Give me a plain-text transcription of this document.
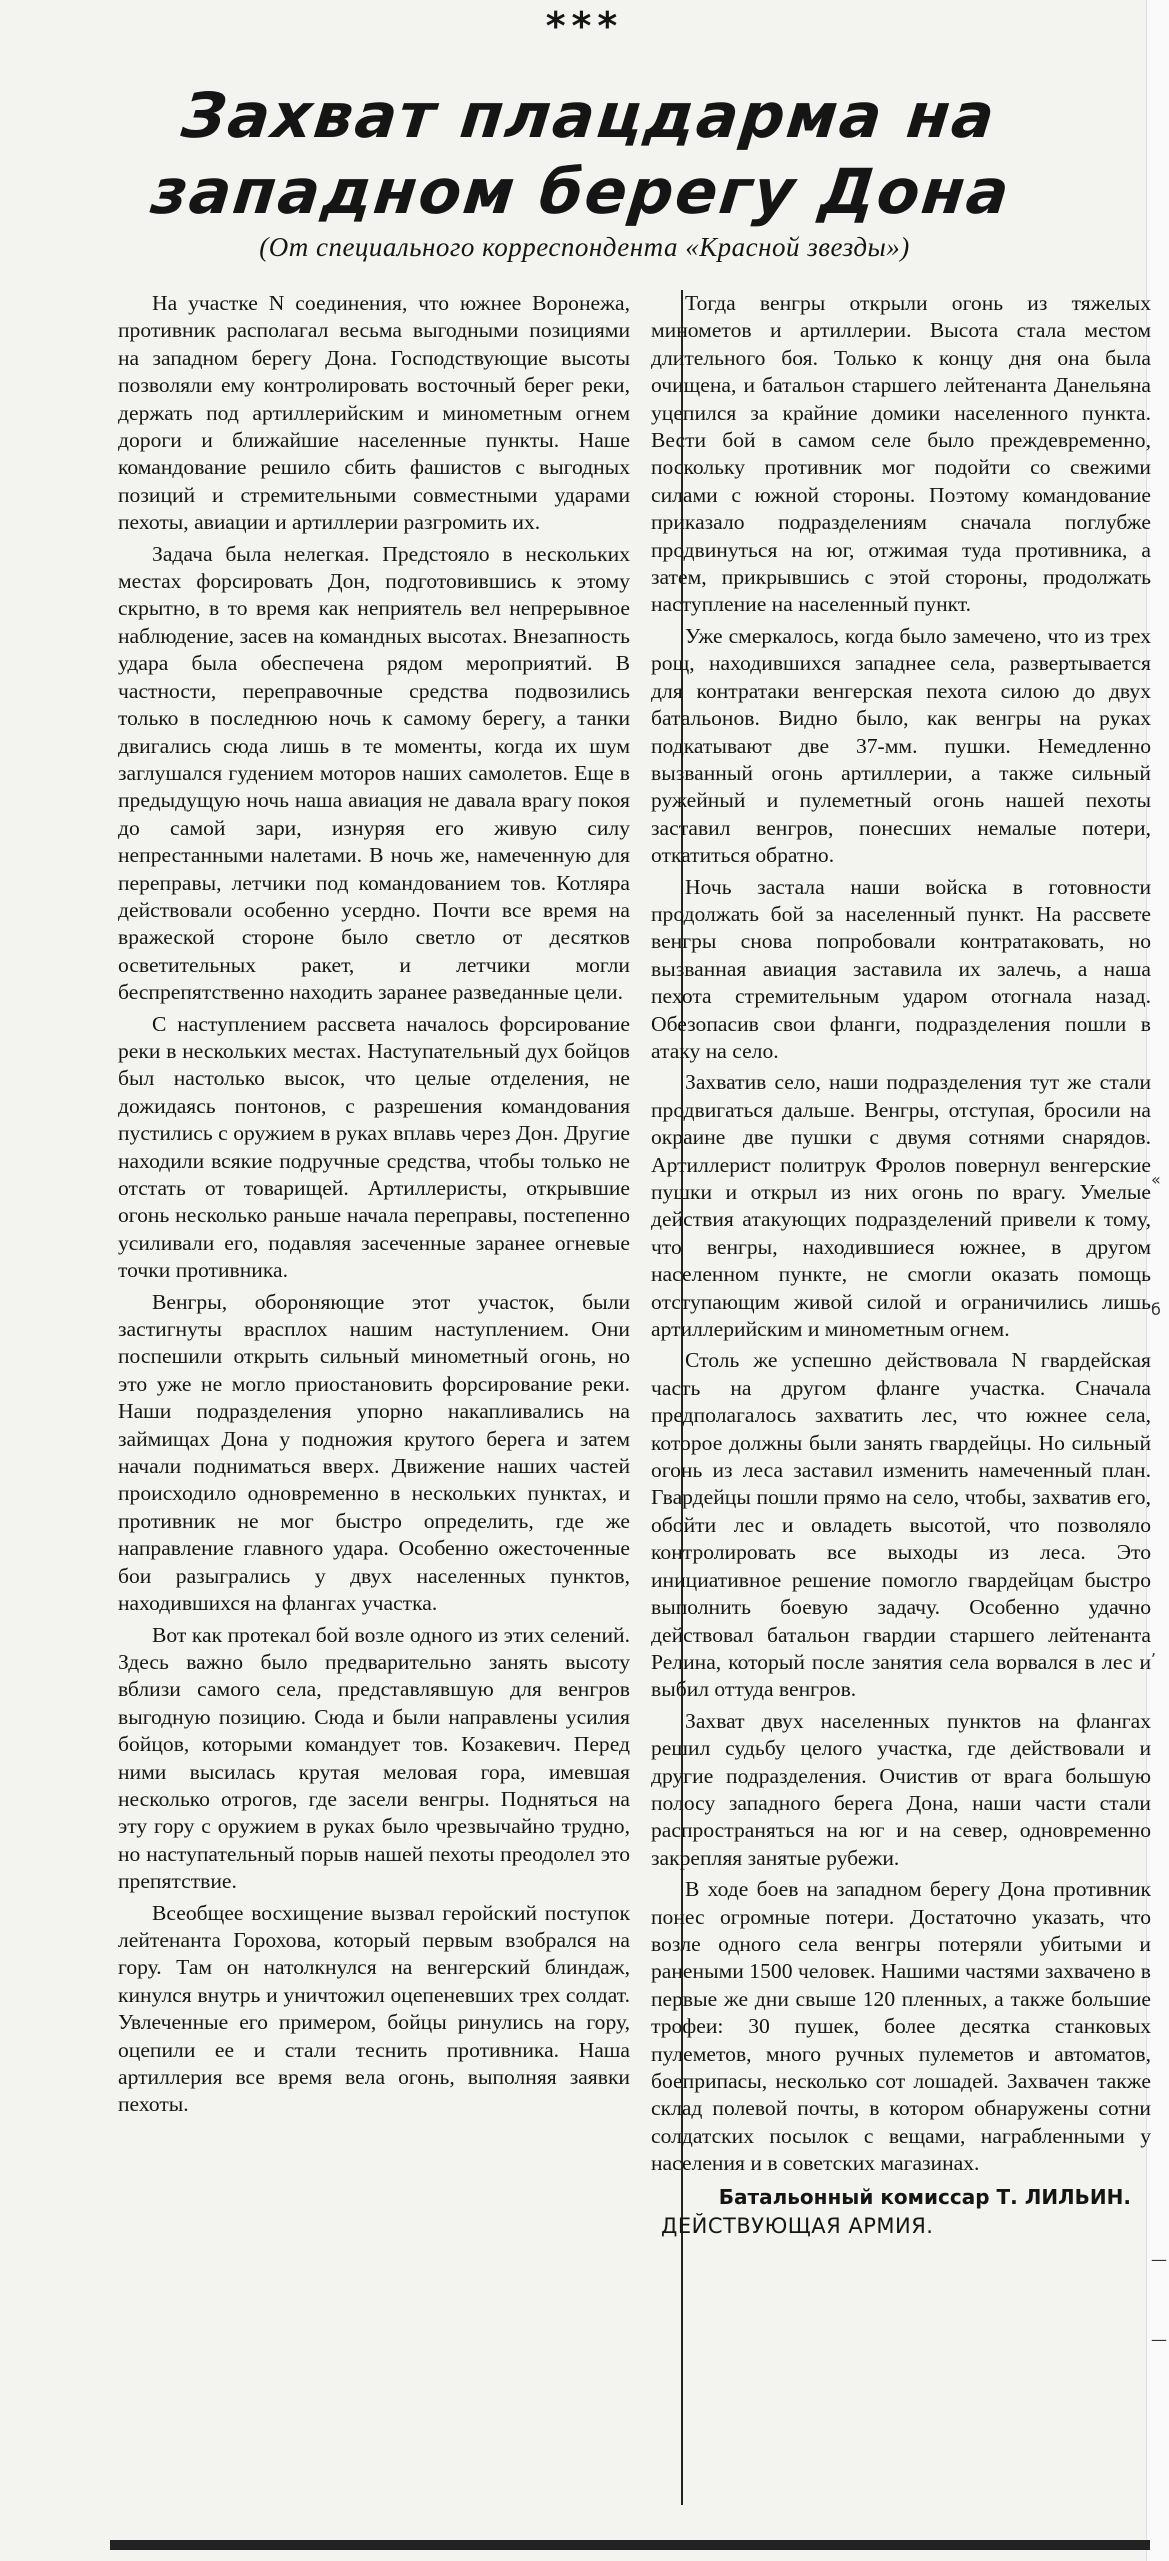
«
б
,
—
—
***
Захват плацдарма на западном берегу Дона
(От специального корреспондента «Красной звезды»)

На участке N соединения, что южнее Воронежа, противник располагал весьма выгодными позициями на западном берегу Дона. Господствующие высоты позволяли ему контролировать восточный берег реки, держать под артиллерийским и минометным огнем дороги и ближайшие населенные пункты. Наше командование решило сбить фашистов с выгодных позиций и стремительными совместными ударами пехоты, авиации и артиллерии разгромить их.

Задача была нелегкая. Предстояло в нескольких местах форсировать Дон, подготовившись к этому скрытно, в то время как неприятель вел непрерывное наблюдение, засев на командных высотах. Внезапность удара была обеспечена рядом мероприятий. В частности, переправочные средства подвозились только в последнюю ночь к самому берегу, а танки двигались сюда лишь в те моменты, когда их шум заглушался гудением моторов наших самолетов. Еще в предыдущую ночь наша авиация не давала врагу покоя до самой зари, изнуряя его живую силу непрестанными налетами. В ночь же, намеченную для переправы, летчики под командованием тов. Котляра действовали особенно усердно. Почти все время на вражеской стороне было светло от десятков осветительных ракет, и летчики могли беспрепятственно находить заранее разведанные цели.

С наступлением рассвета началось форсирование реки в нескольких местах. Наступательный дух бойцов был настолько высок, что целые отделения, не дожидаясь понтонов, с разрешения командования пустились с оружием в руках вплавь через Дон. Другие находили всякие подручные средства, чтобы только не отстать от товарищей. Артиллеристы, открывшие огонь несколько раньше начала переправы, постепенно усиливали его, подавляя засеченные заранее огневые точки противника.

Венгры, обороняющие этот участок, были застигнуты врасплох нашим наступлением. Они поспешили открыть сильный минометный огонь, но это уже не могло приостановить форсирование реки. Наши подразделения упорно накапливались на займищах Дона у подножия крутого берега и затем начали подниматься вверх. Движение наших частей происходило одновременно в нескольких пунктах, и противник не мог быстро определить, где же направление главного удара. Особенно ожесточенные бои разыгрались у двух населенных пунктов, находившихся на флангах участка.

Вот как протекал бой возле одного из этих селений. Здесь важно было предварительно занять высоту вблизи самого села, представлявшую для венгров выгодную позицию. Сюда и были направлены усилия бойцов, которыми командует тов. Козакевич. Перед ними высилась крутая меловая гора, имевшая несколько отрогов, где засели венгры. Подняться на эту гору с оружием в руках было чрезвычайно трудно, но наступательный порыв нашей пехоты преодолел это препятствие.

Всеобщее восхищение вызвал геройский поступок лейтенанта Горохова, который первым взобрался на гору. Там он натолкнулся на венгерский блиндаж, кинулся внутрь и уничтожил оцепеневших трех солдат. Увлеченные его примером, бойцы ринулись на гору, оцепили ее и стали теснить противника. Наша артиллерия все время вела огонь, выполняя заявки пехоты.

Тогда венгры открыли огонь из тяжелых минометов и артиллерии. Высота стала местом длительного боя. Только к концу дня она была очищена, и батальон старшего лейтенанта Данельяна уцепился за крайние домики населенного пункта. Вести бой в самом селе было преждевременно, поскольку противник мог подойти со свежими силами с южной стороны. Поэтому командование приказало подразделениям сначала поглубже продвинуться на юг, отжимая туда противника, а затем, прикрывшись с этой стороны, продолжать наступление на населенный пункт.

Уже смеркалось, когда было замечено, что из трех рощ, находившихся западнее села, развертывается для контратаки венгерская пехота силою до двух батальонов. Видно было, как венгры на руках подкатывают две 37-мм. пушки. Немедленно вызванный огонь артиллерии, а также сильный ружейный и пулеметный огонь нашей пехоты заставил венгров, понесших немалые потери, откатиться обратно.

Ночь застала наши войска в готовности продолжать бой за населенный пункт. На рассвете венгры снова попробовали контратаковать, но вызванная авиация заставила их залечь, а наша пехота стремительным ударом отогнала назад. Обезопасив свои фланги, подразделения пошли в атаку на село.

Захватив село, наши подразделения тут же стали продвигаться дальше. Венгры, отступая, бросили на окраине две пушки с двумя сотнями снарядов. Артиллерист политрук Фролов повернул венгерские пушки и открыл из них огонь по врагу. Умелые действия атакующих подразделений привели к тому, что венгры, находившиеся южнее, в другом населенном пункте, не смогли оказать помощь отступающим живой силой и ограничились лишь артиллерийским и минометным огнем.

Столь же успешно действовала N гвардейская часть на другом фланге участка. Сначала предполагалось захватить лес, что южнее села, которое должны были занять гвардейцы. Но сильный огонь из леса заставил изменить намеченный план. Гвардейцы пошли прямо на село, чтобы, захватив его, обойти лес и овладеть высотой, что позволяло контролировать все выходы из леса. Это инициативное решение помогло гвардейцам быстро выполнить боевую задачу. Особенно удачно действовал батальон гвардии старшего лейтенанта Релина, который после занятия села ворвался в лес и выбил оттуда венгров.

Захват двух населенных пунктов на флангах решил судьбу целого участка, где действовали и другие подразделения. Очистив от врага большую полосу западного берега Дона, наши части стали распространяться на юг и на север, одновременно закрепляя занятые рубежи.

В ходе боев на западном берегу Дона противник понес огромные потери. Достаточно указать, что возле одного села венгры потеряли убитыми и ранеными 1500 человек. Нашими частями захвачено в первые же дни свыше 120 пленных, а также большие трофеи: 30 пушек, более десятка станковых пулеметов, много ручных пулеметов и автоматов, боеприпасы, несколько сот лошадей. Захвачен также склад полевой почты, в котором обнаружены сотни солдатских посылок с вещами, награбленными у населения и в советских магазинах.

Батальонный комиссар Т. ЛИЛЬИН.
ДЕЙСТВУЮЩАЯ АРМИЯ.
